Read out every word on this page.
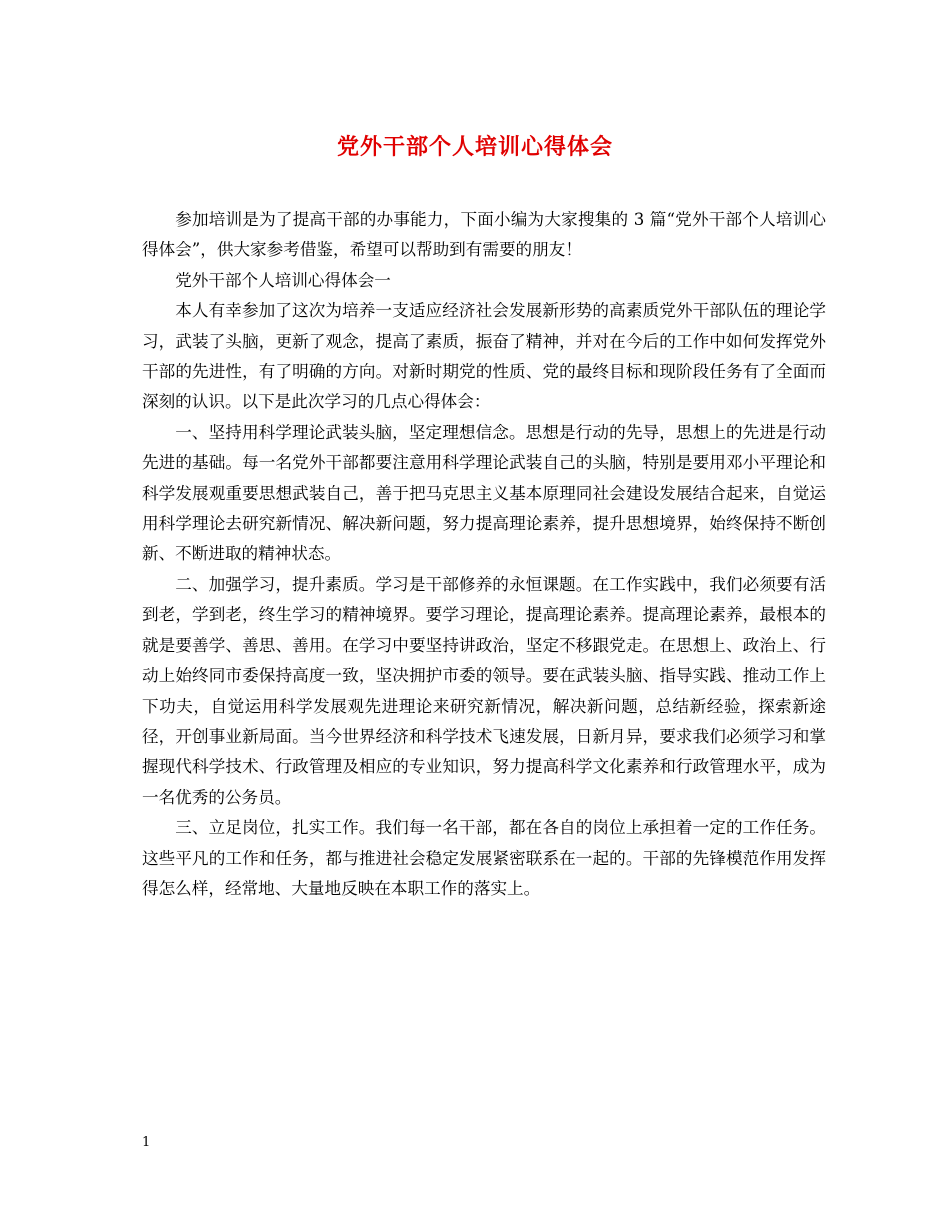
党外干部个人培训心得体会

参加培训是为了提高干部的办事能力，下面小编为大家搜集的 3 篇“党外干部个人培训心得体会”，供大家参考借鉴，希望可以帮助到有需要的朋友！

党外干部个人培训心得体会一

本人有幸参加了这次为培养一支适应经济社会发展新形势的高素质党外干部队伍的理论学习，武装了头脑，更新了观念，提高了素质，振奋了精神，并对在今后的工作中如何发挥党外干部的先进性，有了明确的方向。对新时期党的性质、党的最终目标和现阶段任务有了全面而深刻的认识。以下是此次学习的几点心得体会：

一、坚持用科学理论武装头脑，坚定理想信念。思想是行动的先导，思想上的先进是行动先进的基础。每一名党外干部都要注意用科学理论武装自己的头脑，特别是要用邓小平理论和科学发展观重要思想武装自己，善于把马克思主义基本原理同社会建设发展结合起来，自觉运用科学理论去研究新情况、解决新问题，努力提高理论素养，提升思想境界，始终保持不断创新、不断进取的精神状态。

二、加强学习，提升素质。学习是干部修养的永恒课题。在工作实践中，我们必须要有活到老，学到老，终生学习的精神境界。要学习理论，提高理论素养。提高理论素养，最根本的就是要善学、善思、善用。在学习中要坚持讲政治，坚定不移跟党走。在思想上、政治上、行动上始终同市委保持高度一致，坚决拥护市委的领导。要在武装头脑、指导实践、推动工作上下功夫，自觉运用科学发展观先进理论来研究新情况，解决新问题，总结新经验，探索新途径，开创事业新局面。当今世界经济和科学技术飞速发展，日新月异，要求我们必须学习和掌握现代科学技术、行政管理及相应的专业知识，努力提高科学文化素养和行政管理水平，成为一名优秀的公务员。

三、立足岗位，扎实工作。我们每一名干部，都在各自的岗位上承担着一定的工作任务。这些平凡的工作和任务，都与推进社会稳定发展紧密联系在一起的。干部的先锋模范作用发挥得怎么样，经常地、大量地反映在本职工作的落实上。

1
